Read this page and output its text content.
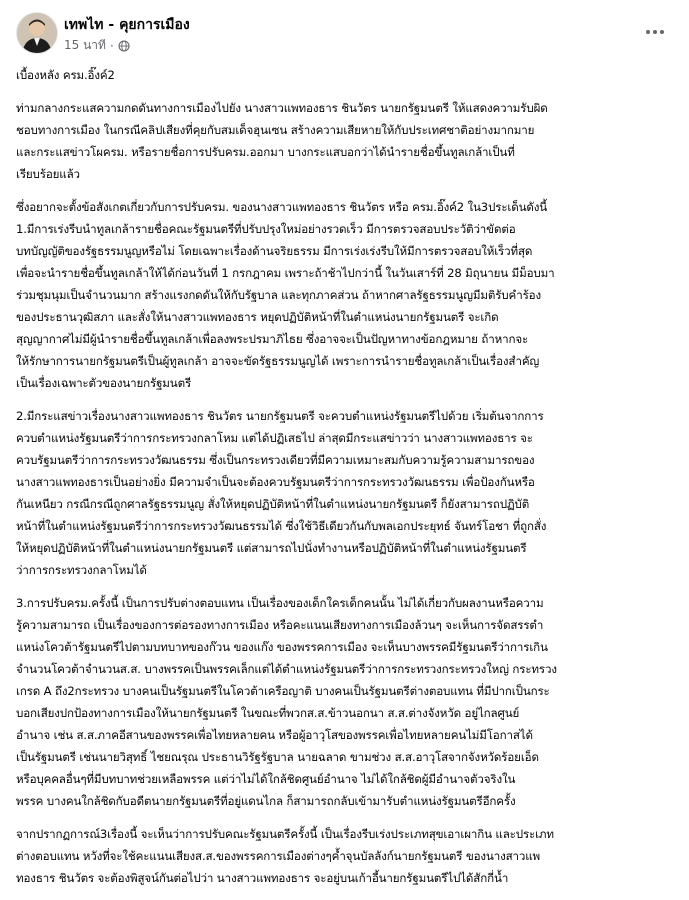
เทพไท - คุยการเมือง
15 นาที ·

เบื้องหลัง ครม.อิ๊งค์2

ท่ามกลางกระแสความกดดันทางการเมืองไปยัง นางสาวแพทองธาร ชินวัตร นายกรัฐมนตรี ให้แสดงความรับผิด
ชอบทางการเมือง ในกรณีคลิปเสียงที่คุยกับสมเด็จฮุนเซน สร้างความเสียหายให้กับประเทศชาติอย่างมากมาย
และกระแสข่าวโผครม. หรือรายชื่อการปรับครม.ออกมา บางกระแสบอกว่าได้นำรายชื่อขึ้นทูลเกล้าเป็นที่
เรียบร้อยแล้ว

ซึ่งอยากจะตั้งข้อสังเกตเกี่ยวกับการปรับครม. ของนางสาวแพทองธาร ชินวัตร หรือ ครม.อิ๊งค์2 ใน3ประเด็นดังนี้
1.มีการเร่งรีบนำทูลเกล้ารายชื่อคณะรัฐมนตรีที่ปรับปรุงใหม่อย่างรวดเร็ว มีการตรวจสอบประวัติว่าขัดต่อ
บทบัญญัติของรัฐธรรมนูญหรือไม่ โดยเฉพาะเรื่องด้านจริยธรรม มีการเร่งเร่งรีบให้มีการตรวจสอบให้เร็วที่สุด
เพื่อจะนำรายชื่อขึ้นทูลเกล้าให้ได้ก่อนวันที่ 1 กรกฎาคม เพราะถ้าช้าไปกว่านี้ ในวันเสาร์ที่ 28 มิถุนายน มีม็อบมา
ร่วมชุมนุมเป็นจำนวนมาก สร้างแรงกดดันให้กับรัฐบาล และทุกภาคส่วน ถ้าหากศาลรัฐธรรมนูญมีมติรับคำร้อง
ของประธานวุฒิสภา และสั่งให้นางสาวแพทองธาร หยุดปฏิบัติหน้าที่ในตำแหน่งนายกรัฐมนตรี จะเกิด
สุญญากาศไม่มีผู้นำรายชื่อขึ้นทูลเกล้าเพื่อลงพระปรมาภิไธย ซึ่งอาจจะเป็นปัญหาทางข้อกฎหมาย ถ้าหากจะ
ให้รักษาการนายกรัฐมนตรีเป็นผู้ทูลเกล้า อาจจะขัดรัฐธรรมนูญได้ เพราะการนำรายชื่อทูลเกล้าเป็นเรื่องสำคัญ
เป็นเรื่องเฉพาะตัวของนายกรัฐมนตรี

2.มีกระแสข่าวเรื่องนางสาวแพทองธาร ชินวัตร นายกรัฐมนตรี จะควบตำแหน่งรัฐมนตรีไปด้วย เริ่มต้นจากการ
ควบตำแหน่งรัฐมนตรีว่าการกระทรวงกลาโหม แต่ได้ปฏิเสธไป ล่าสุดมีกระแสข่าวว่า นางสาวแพทองธาร จะ
ควบรัฐมนตรีว่าการกระทรวงวัฒนธรรม ซึ่งเป็นกระทรวงเดียวที่มีความเหมาะสมกับความรู้ความสามารถของ
นางสาวแพทองธารเป็นอย่างยิ่ง มีความจำเป็นจะต้องควบรัฐมนตรีว่าการกระทรวงวัฒนธรรม เพื่อป้องกันหรือ
กันเหนียว กรณีกรณีถูกศาลรัฐธรรมนูญ สั่งให้หยุดปฏิบัติหน้าที่ในตำแหน่งนายกรัฐมนตรี ก็ยังสามารถปฏิบัติ
หน้าที่ในตำแหน่งรัฐมนตรีว่าการกระทรวงวัฒนธรรมได้ ซึ่งใช้วิธีเดียวกันกับพลเอกประยุทธ์ จันทร์โอชา ที่ถูกสั่ง
ให้หยุดปฏิบัติหน้าที่ในตำแหน่งนายกรัฐมนตรี แต่สามารถไปนั่งทำงานหรือปฏิบัติหน้าที่ในตำแหน่งรัฐมนตรี
ว่าการกระทรวงกลาโหมได้

3.การปรับครม.ครั้งนี้ เป็นการปรับต่างตอบแทน เป็นเรื่องของเด็กใครเด็กคนนั้น ไม่ได้เกี่ยวกับผลงานหรือความ
รู้ความสามารถ เป็นเรื่องของการต่อรองทางการเมือง หรือคะแนนเสียงทางการเมืองล้วนๆ จะเห็นการจัดสรรตำ
แหน่งโควต้ารัฐมนตรีไปตามบทบาทของก๊วน ของแก๊ง ของพรรคการเมือง จะเห็นบางพรรคมีรัฐมนตรีว่าการเกิน
จำนวนโควต้าจำนวนส.ส. บางพรรคเป็นพรรคเล็กแต่ได้ตำแหน่งรัฐมนตรีว่าการกระทรวงกระทรวงใหญ่ กระทรวง
เกรด A ถึง2กระทรวง บางคนเป็นรัฐมนตรีในโควต้าเครือญาติ บางคนเป็นรัฐมนตรีต่างตอบแทน ที่มีปากเป็นกระ
บอกเสียงปกป้องทางการเมืองให้นายกรัฐมนตรี ในขณะที่พวกส.ส.ข้าวนอกนา ส.ส.ต่างจังหวัด อยู่ไกลศูนย์
อำนาจ เช่น ส.ส.ภาคอีสานของพรรคเพื่อไทยหลายคน หรือผู้อาวุโสของพรรคเพื่อไทยหลายคนไม่มีโอกาสได้
เป็นรัฐมนตรี เช่นนายวิสุทธิ์ ไชยณรุณ ประธานวิรัฐรัฐบาล นายฉลาด ขามช่วง ส.ส.อาวุโสจากจังหวัดร้อยเอ็ด
หรือบุคคลอื่นๆที่มีบทบาทช่วยเหลือพรรค แต่ว่าไม่ได้ใกล้ชิดศูนย์อำนาจ ไม่ได้ใกล้ชิดผู้มีอำนาจตัวจริงใน
พรรค บางคนใกล้ชิดกับอดีตนายกรัฐมนตรีที่อยู่แดนไกล ก็สามารถกลับเข้ามารับตำแหน่งรัฐมนตรีอีกครั้ง

จากปรากฏการณ์3เรื่องนี้ จะเห็นว่าการปรับคณะรัฐมนตรีครั้งนี้ เป็นเรื่องรีบเร่งประเภทสุขเอาเผากิน และประเภท
ต่างตอบแทน หวังที่จะใช้คะแนนเสียงส.ส.ของพรรคการเมืองต่างๆค้ำจุนบัลลังก์นายกรัฐมนตรี ของนางสาวแพ
ทองธาร ชินวัตร จะต้องพิสูจน์กันต่อไปว่า นางสาวแพทองธาร จะอยู่บนเก้าอี้นายกรัฐมนตรีไปได้สักกี่น้ำ
